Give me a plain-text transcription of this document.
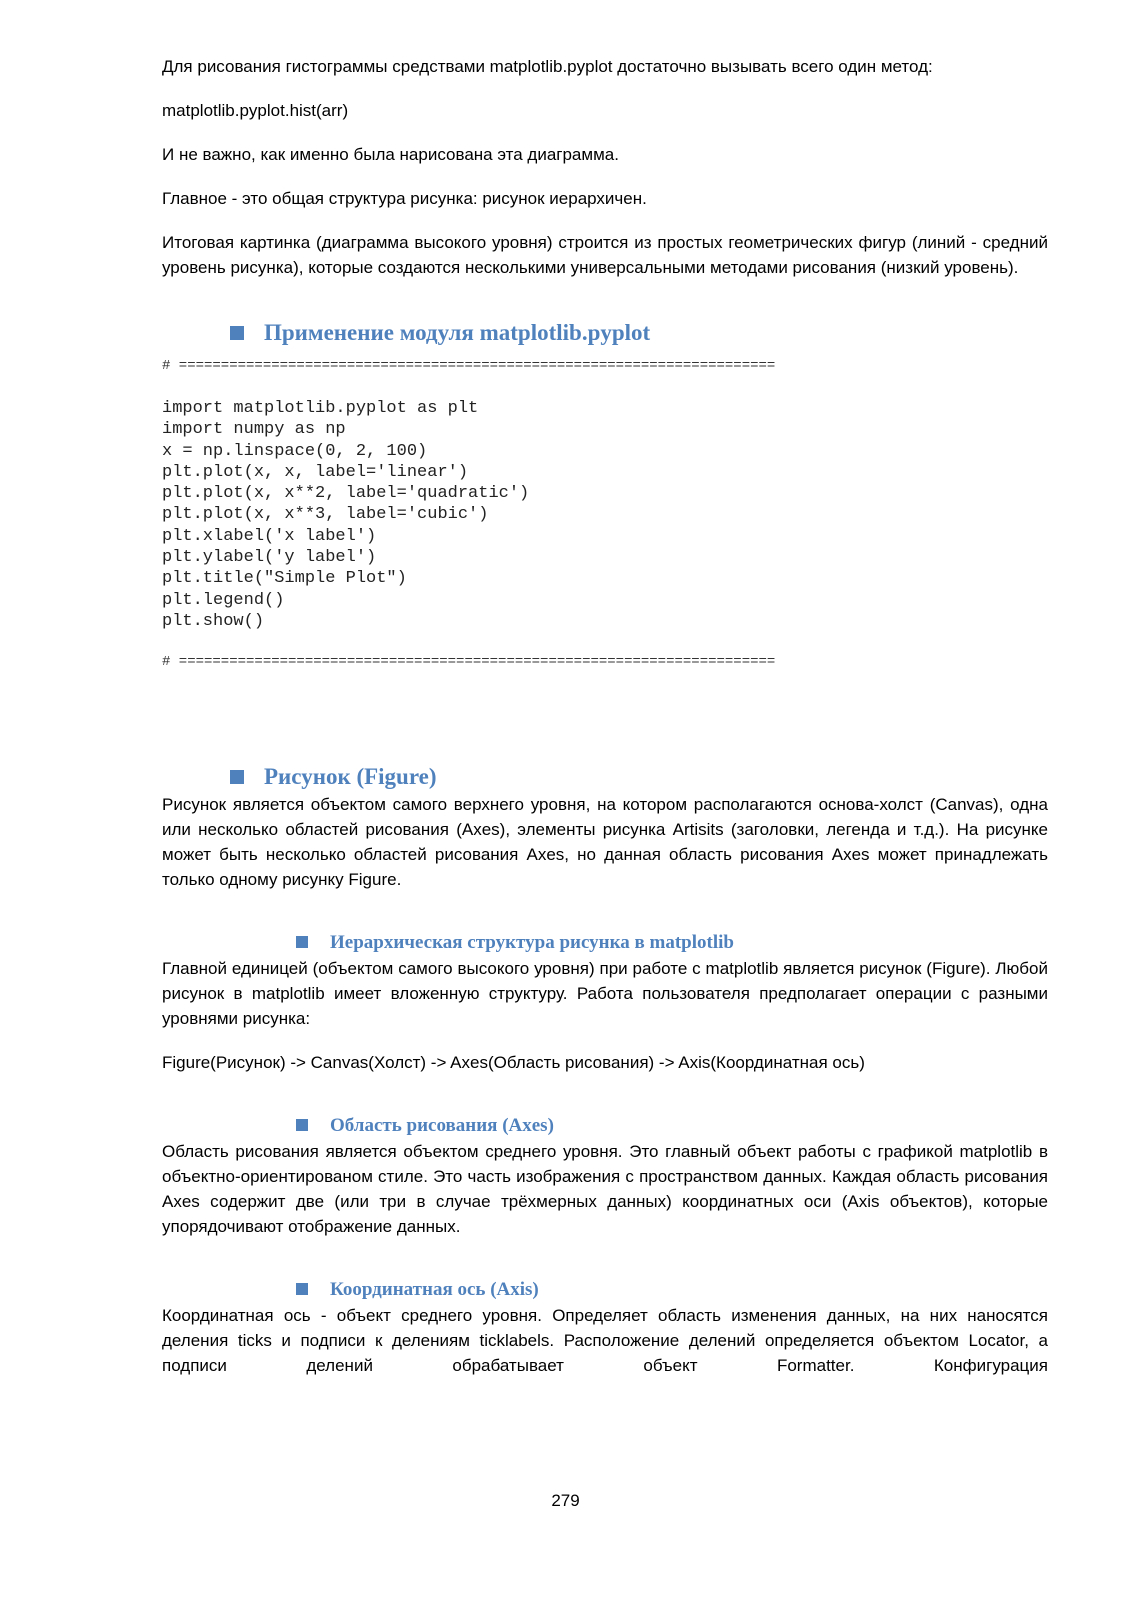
Для рисования гистограммы средствами matplotlib.pyplot достаточно вызывать всего один метод:

matplotlib.pyplot.hist(arr)

И не важно, как именно была нарисована эта диаграмма.

Главное - это общая структура рисунка: рисунок иерархичен.

Итоговая картинка (диаграмма высокого уровня) строится из простых геометрических фигур (линий - средний уровень рисунка), которые создаются несколькими универсальными методами рисования (низкий уровень).

Применение модуля matplotlib.pyplot
# =======================================================================
import matplotlib.pyplot as plt
import numpy as np
x = np.linspace(0, 2, 100)
plt.plot(x, x, label='linear')
plt.plot(x, x**2, label='quadratic')
plt.plot(x, x**3, label='cubic')
plt.xlabel('x label')
plt.ylabel('y label')
plt.title("Simple Plot")
plt.legend()
plt.show()
# =======================================================================
Рисунок (Figure)

Рисунок является объектом самого верхнего уровня, на котором располагаются основа-холст (Canvas), одна или несколько областей рисования (Axes), элементы рисунка Artisits (заголовки, легенда и т.д.). На рисунке может быть несколько областей рисования Axes, но данная область рисования Axes может принадлежать только одному рисунку Figure.

Иерархическая структура рисунка в matplotlib

Главной единицей (объектом самого высокого уровня) при работе с matplotlib является рисунок (Figure). Любой рисунок в matplotlib имеет вложенную структуру. Работа пользователя предполагает операции с разными уровнями рисунка:

Figure(Рисунок) -> Canvas(Холст) -> Axes(Область рисования) -> Axis(Координатная ось)

Область рисования (Axes)

Область рисования является объектом среднего уровня. Это главный объект работы с графикой matplotlib в объектно-ориентированом стиле. Это часть изображения с пространством данных. Каждая область рисования Axes содержит две (или три в случае трёхмерных данных) координатных оси (Axis объектов), которые упорядочивают отображение данных.

Координатная ось (Axis)

Координатная ось - объект среднего уровня. Определяет область изменения данных, на них наносятся деления ticks и подписи к делениям ticklabels. Расположение делений определяется объектом Locator, а подписи делений обрабатывает объект Formatter. Конфигурация

279
